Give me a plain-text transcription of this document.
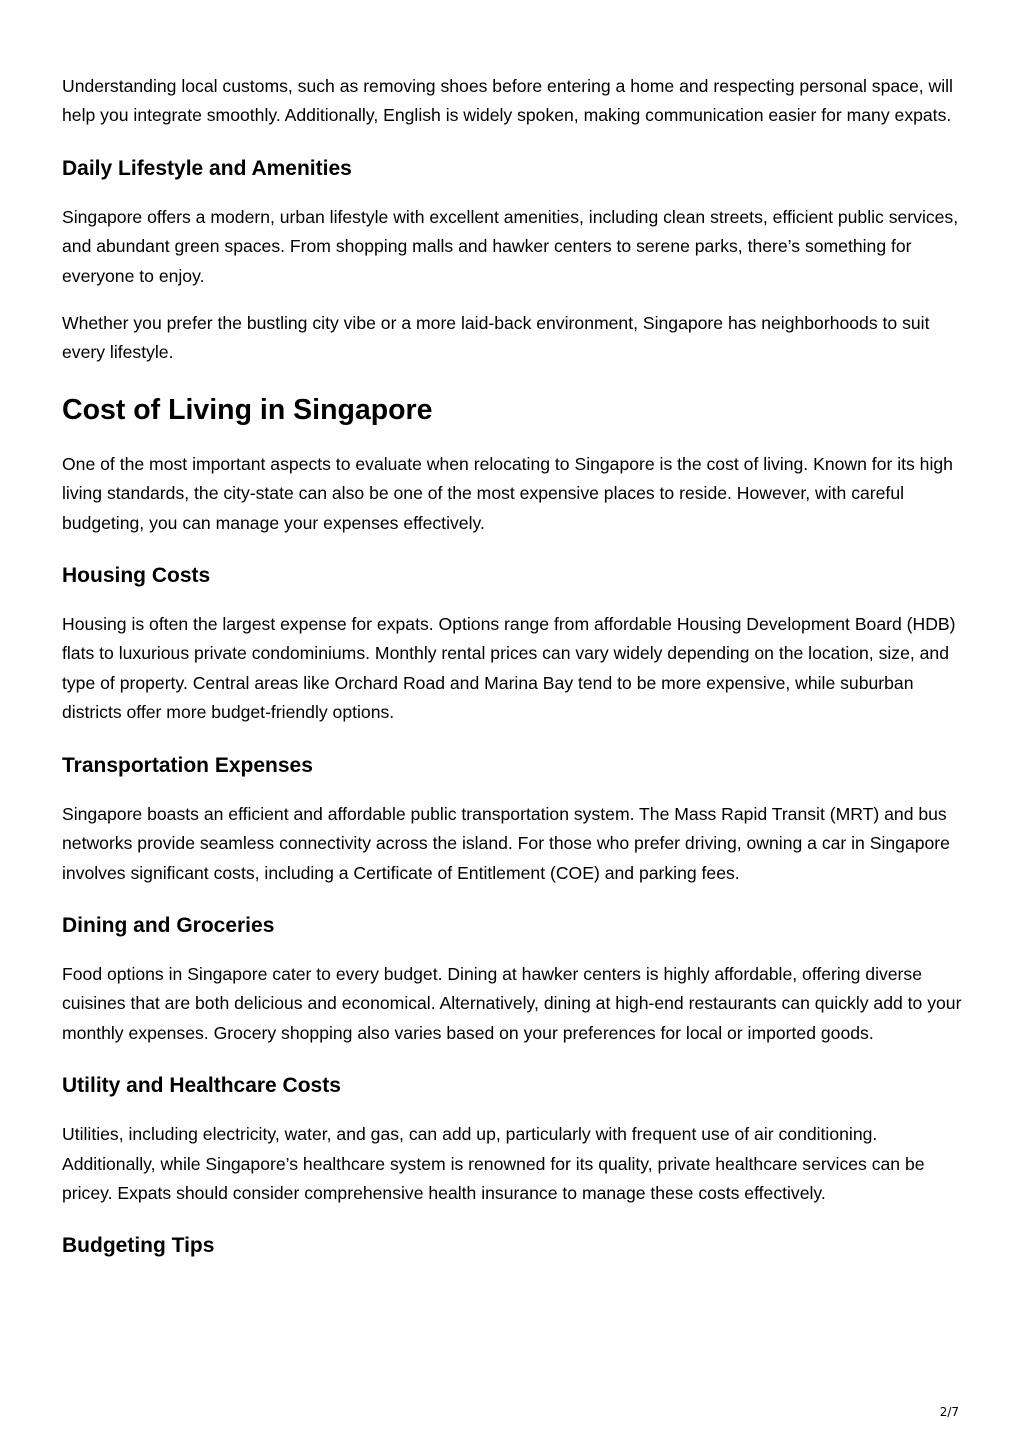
Understanding local customs, such as removing shoes before entering a home and respecting personal space, will help you integrate smoothly. Additionally, English is widely spoken, making communication easier for many expats.

Daily Lifestyle and Amenities

Singapore offers a modern, urban lifestyle with excellent amenities, including clean streets, efficient public services, and abundant green spaces. From shopping malls and hawker centers to serene parks, there’s something for everyone to enjoy.

Whether you prefer the bustling city vibe or a more laid-back environment, Singapore has neighborhoods to suit every lifestyle.

Cost of Living in Singapore

One of the most important aspects to evaluate when relocating to Singapore is the cost of living. Known for its high living standards, the city-state can also be one of the most expensive places to reside. However, with careful budgeting, you can manage your expenses effectively.

Housing Costs

Housing is often the largest expense for expats. Options range from affordable Housing Development Board (HDB) flats to luxurious private condominiums. Monthly rental prices can vary widely depending on the location, size, and type of property. Central areas like Orchard Road and Marina Bay tend to be more expensive, while suburban districts offer more budget-friendly options.

Transportation Expenses

Singapore boasts an efficient and affordable public transportation system. The Mass Rapid Transit (MRT) and bus networks provide seamless connectivity across the island. For those who prefer driving, owning a car in Singapore involves significant costs, including a Certificate of Entitlement (COE) and parking fees.

Dining and Groceries

Food options in Singapore cater to every budget. Dining at hawker centers is highly affordable, offering diverse cuisines that are both delicious and economical. Alternatively, dining at high-end restaurants can quickly add to your monthly expenses. Grocery shopping also varies based on your preferences for local or imported goods.

Utility and Healthcare Costs

Utilities, including electricity, water, and gas, can add up, particularly with frequent use of air conditioning. Additionally, while Singapore’s healthcare system is renowned for its quality, private healthcare services can be pricey. Expats should consider comprehensive health insurance to manage these costs effectively.

Budgeting Tips
2/7
